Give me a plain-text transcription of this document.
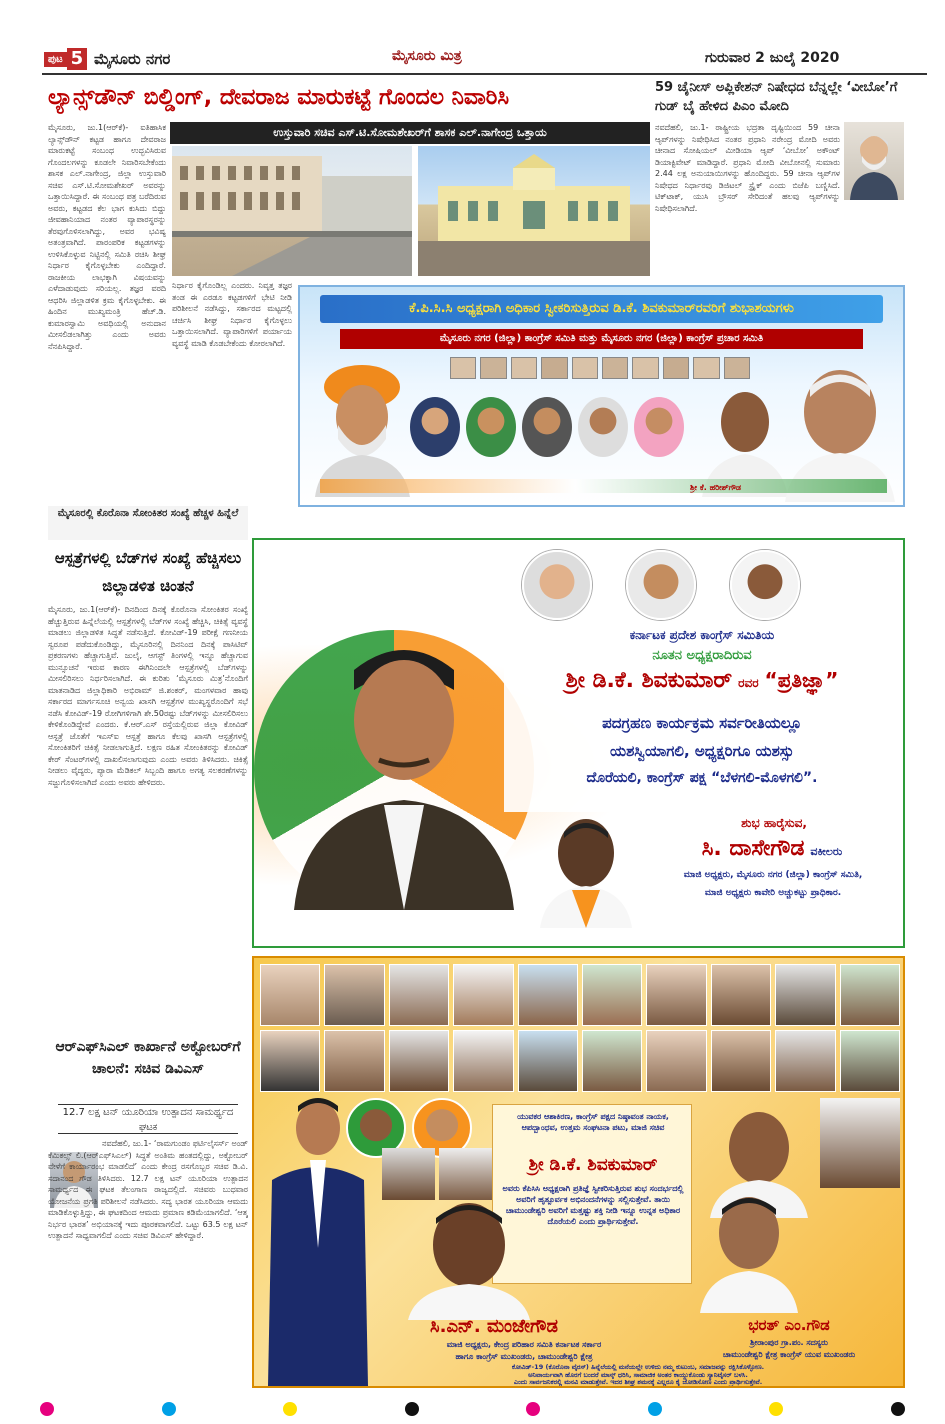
ಪುಟ 5 ಮೈಸೂರು ನಗರ	ಮೈಸೂರು ಮಿತ್ರ	ಗುರುವಾರ 2 ಜುಲೈ 2020
ಲ್ಯಾನ್ಸ್‌ಡೌನ್ ಬಿಲ್ಡಿಂಗ್, ದೇವರಾಜ ಮಾರುಕಟ್ಟೆ ಗೊಂದಲ ನಿವಾರಿಸಿ
ಉಸ್ತುವಾರಿ ಸಚಿವ ಎಸ್.ಟಿ.ಸೋಮಶೇಖರ್‌ಗೆ ಶಾಸಕ ಎಲ್.ನಾಗೇಂದ್ರ ಒತ್ತಾಯ
ಮೈಸೂರು, ಜು.1(ಆರ್‌ಕೆ)- ಐತಿಹಾಸಿಕ ಲ್ಯಾನ್ಸ್‌ಡೌನ್ ಕಟ್ಟಡ ಹಾಗೂ ದೇವರಾಜ ಮಾರುಕಟ್ಟೆ ಸಂಬಂಧ ಉದ್ಭವಿಸಿರುವ ಗೊಂದಲಗಳನ್ನು ಕೂಡಲೇ ನಿವಾರಿಸಬೇಕೆಂದು ಶಾಸಕ ಎಲ್.ನಾಗೇಂದ್ರ, ಜಿಲ್ಲಾ ಉಸ್ತುವಾರಿ ಸಚಿವ ಎಸ್.ಟಿ.ಸೋಮಶೇಖರ್ ಅವರನ್ನು ಒತ್ತಾಯಿಸಿದ್ದಾರೆ. ಈ ಸಂಬಂಧ ಪತ್ರ ಬರೆದಿರುವ ಅವರು, ಕಟ್ಟಡದ ಕೆಲ ಭಾಗ ಕುಸಿದು ಬಿದ್ದು ಜೀವಹಾನಿಯಾದ ನಂತರ ವ್ಯಾಪಾರಸ್ಥರನ್ನು ತೆರವುಗೊಳಿಸಲಾಗಿದ್ದು, ಅವರ ಭವಿಷ್ಯ ಅತಂತ್ರವಾಗಿದೆ. ಪಾರಂಪರಿಕ ಕಟ್ಟಡಗಳನ್ನು ಉಳಿಸಿಕೊಳ್ಳುವ ನಿಟ್ಟಿನಲ್ಲಿ ಸಮಿತಿ ರಚಿಸಿ ಶೀಘ್ರ ನಿರ್ಧಾರ ಕೈಗೊಳ್ಳಬೇಕು ಎಂದಿದ್ದಾರೆ. ರಾಜಕೀಯ ಲಾಭಕ್ಕಾಗಿ ವಿಷಯವನ್ನು ಎಳೆದಾಡುವುದು ಸರಿಯಲ್ಲ. ತಜ್ಞರ ವರದಿ ಆಧರಿಸಿ ಜಿಲ್ಲಾಡಳಿತ ಕ್ರಮ ಕೈಗೊಳ್ಳಬೇಕು. ಈ ಹಿಂದಿನ ಮುಖ್ಯಮಂತ್ರಿ ಹೆಚ್.ಡಿ. ಕುಮಾರಸ್ವಾಮಿ ಅವಧಿಯಲ್ಲಿ ಅನುದಾನ ಮೀಸಲಿಡಲಾಗಿತ್ತು ಎಂದು ಅವರು ನೆನಪಿಸಿದ್ದಾರೆ.
ನಿರ್ಧಾರ ಕೈಗೊಂಡಿಲ್ಲ ಎಂದರು. ನಿವೃತ್ತ ತಜ್ಞರ ತಂಡ ಈ ಎರಡೂ ಕಟ್ಟಡಗಳಿಗೆ ಭೇಟಿ ನೀಡಿ ಪರಿಶೀಲನೆ ನಡೆಸಿದ್ದು, ಸರ್ಕಾರದ ಮಟ್ಟದಲ್ಲಿ ಚರ್ಚಿಸಿ ಶೀಘ್ರ ನಿರ್ಧಾರ ಕೈಗೊಳ್ಳಲು ಒತ್ತಾಯಿಸಲಾಗಿದೆ. ವ್ಯಾಪಾರಿಗಳಿಗೆ ಪರ್ಯಾಯ ವ್ಯವಸ್ಥೆ ಮಾಡಿ ಕೊಡಬೇಕೆಂದು ಕೋರಲಾಗಿದೆ.
59 ಚೈನೀಸ್ ಅಪ್ಲಿಕೇಶನ್ ನಿಷೇಧದ ಬೆನ್ನಲ್ಲೇ ‘ವೀಬೋ’ಗೆ ಗುಡ್ ಬೈ ಹೇಳಿದ ಪಿಎಂ ಮೋದಿ
ನವದೆಹಲಿ, ಜು.1- ರಾಷ್ಟ್ರೀಯ ಭದ್ರತಾ ದೃಷ್ಟಿಯಿಂದ 59 ಚೀನಾ ಆ್ಯಪ್‌ಗಳನ್ನು ನಿಷೇಧಿಸಿದ ನಂತರ ಪ್ರಧಾನಿ ನರೇಂದ್ರ ಮೋದಿ ಅವರು ಚೀನಾದ ಸೋಷಿಯಲ್ ಮೀಡಿಯಾ ಆ್ಯಪ್ ‘ವೀಬೋ’ ಅಕೌಂಟ್ ಡಿಯಾಕ್ಟಿವೇಟ್ ಮಾಡಿದ್ದಾರೆ. ಪ್ರಧಾನಿ ಮೋದಿ ವೀಬೋನಲ್ಲಿ ಸುಮಾರು 2.44 ಲಕ್ಷ ಅನುಯಾಯಿಗಳನ್ನು ಹೊಂದಿದ್ದರು. 59 ಚೀನಾ ಆ್ಯಪ್‌ಗಳ ನಿಷೇಧದ ನಿರ್ಧಾರವು ಡಿಜಿಟಲ್ ಸ್ಟ್ರೈಕ್ ಎಂದು ಬಿಜೆಪಿ ಬಣ್ಣಿಸಿದೆ. ಟಿಕ್‌ಟಾಕ್, ಯುಸಿ ಬ್ರೌಸರ್ ಸೇರಿದಂತೆ ಹಲವು ಆ್ಯಪ್‌ಗಳನ್ನು ನಿಷೇಧಿಸಲಾಗಿದೆ.
ಕೆ.ಪಿ.ಸಿ.ಸಿ ಅಧ್ಯಕ್ಷರಾಗಿ ಅಧಿಕಾರ ಸ್ವೀಕರಿಸುತ್ತಿರುವ ಡಿ.ಕೆ. ಶಿವಕುಮಾರ್‌ರವರಿಗೆ ಶುಭಾಶಯಗಳು
ಮೈಸೂರು ನಗರ (ಜಿಲ್ಲಾ) ಕಾಂಗ್ರೆಸ್ ಸಮಿತಿ ಮತ್ತು ಮೈಸೂರು ನಗರ (ಜಿಲ್ಲಾ) ಕಾಂಗ್ರೆಸ್ ಪ್ರಚಾರ ಸಮಿತಿ
ಶ್ರೀ ಕೆ. ಹರೀಶ್‌ಗೌಡ
ಮೈಸೂರಲ್ಲಿ ಕೊರೊನಾ ಸೋಂಕಿತರ ಸಂಖ್ಯೆ ಹೆಚ್ಚಳ ಹಿನ್ನೆಲೆ
ಆಸ್ಪತ್ರೆಗಳಲ್ಲಿ ಬೆಡ್‌ಗಳ ಸಂಖ್ಯೆ ಹೆಚ್ಚಿಸಲು ಜಿಲ್ಲಾಡಳಿತ ಚಿಂತನೆ
ಮೈಸೂರು, ಜು.1(ಆರ್‌ಕೆ)- ದಿನದಿಂದ ದಿನಕ್ಕೆ ಕೊರೊನಾ ಸೋಂಕಿತರ ಸಂಖ್ಯೆ ಹೆಚ್ಚುತ್ತಿರುವ ಹಿನ್ನೆಲೆಯಲ್ಲಿ ಆಸ್ಪತ್ರೆಗಳಲ್ಲಿ ಬೆಡ್‌ಗಳ ಸಂಖ್ಯೆ ಹೆಚ್ಚಿಸಿ, ಚಿಕಿತ್ಸೆ ವ್ಯವಸ್ಥೆ ಮಾಡಲು ಜಿಲ್ಲಾಡಳಿತ ಸಿದ್ಧತೆ ನಡೆಸುತ್ತಿದೆ. ಕೋವಿಡ್-19 ಪರೀಕ್ಷೆ ಗಣನೀಯ ಸ್ವರೂಪ ಪಡೆದುಕೊಂಡಿದ್ದು, ಮೈಸೂರಿನಲ್ಲಿ ದಿನನಿಂದ ದಿನಕ್ಕೆ ಪಾಸಿಟಿವ್ ಪ್ರಕರಣಗಳು ಹೆಚ್ಚಾಗುತ್ತಿವೆ. ಜುಲೈ, ಆಗಸ್ಟ್ ತಿಂಗಳಲ್ಲಿ ಇನ್ನೂ ಹೆಚ್ಚಾಗುವ ಮುನ್ಸೂಚನೆ ಇರುವ ಕಾರಣ ಈಗಿನಿಂದಲೇ ಆಸ್ಪತ್ರೆಗಳಲ್ಲಿ ಬೆಡ್‌ಗಳನ್ನು ಮೀಸಲಿರಿಸಲು ನಿರ್ಧರಿಸಲಾಗಿದೆ. ಈ ಕುರಿತು ‘ಮೈಸೂರು ಮಿತ್ರ’ನೊಂದಿಗೆ ಮಾತನಾಡಿದ ಜಿಲ್ಲಾಧಿಕಾರಿ ಅಭಿರಾಮ್ ಜಿ.ಶಂಕರ್, ಮಂಗಳವಾರ ಹಾವು ಸರ್ಕಾರದ ಮಾರ್ಗಸೂಚಿ ಅನ್ವಯ ಖಾಸಗಿ ಆಸ್ಪತ್ರೆಗಳ ಮುಖ್ಯಸ್ಥರೊಂದಿಗೆ ಸಭೆ ನಡೆಸಿ ಕೋವಿಡ್-19 ರೋಗಿಗಳಿಗಾಗಿ ಶೇ.50ರಷ್ಟು ಬೆಡ್‌ಗಳನ್ನು ಮೀಸಲಿರಿಸಲು ಕೇಳಿಕೊಂಡಿದ್ದೇವೆ ಎಂದರು. ಕೆ.ಆರ್.ಎಸ್ ರಸ್ತೆಯಲ್ಲಿರುವ ಜಿಲ್ಲಾ ಕೋವಿಡ್ ಆಸ್ಪತ್ರೆ ಜೊತೆಗೆ ಇಎಸ್‌ಐ ಆಸ್ಪತ್ರೆ ಹಾಗೂ ಕೆಲವು ಖಾಸಗಿ ಆಸ್ಪತ್ರೆಗಳಲ್ಲಿ ಸೋಂಕಿತರಿಗೆ ಚಿಕಿತ್ಸೆ ನೀಡಲಾಗುತ್ತಿದೆ. ಲಕ್ಷಣ ರಹಿತ ಸೋಂಕಿತರನ್ನು ಕೋವಿಡ್ ಕೇರ್ ಸೆಂಟರ್‌ಗಳಲ್ಲಿ ದಾಖಲಿಸಲಾಗುವುದು ಎಂದು ಅವರು ತಿಳಿಸಿದರು. ಚಿಕಿತ್ಸೆ ನೀಡಲು ವೈದ್ಯರು, ಪ್ಯಾರಾ ಮೆಡಿಕಲ್ ಸಿಬ್ಬಂದಿ ಹಾಗೂ ಅಗತ್ಯ ಸಲಕರಣೆಗಳನ್ನು ಸಜ್ಜುಗೊಳಿಸಲಾಗಿದೆ ಎಂದು ಅವರು ಹೇಳಿದರು.
ಆರ್‌ಎಫ್‌ಸಿಎಲ್ ಕಾರ್ಖಾನೆ ಅಕ್ಟೋಬರ್‌ಗೆ ಚಾಲನೆ: ಸಚಿವ ಡಿವಿಎಸ್
12.7 ಲಕ್ಷ ಟನ್ ಯೂರಿಯಾ ಉತ್ಪಾದನ ಸಾಮರ್ಥ್ಯದ ಘಟಕ
ನವದೆಹಲಿ, ಜು.1- ‘ರಾಮಗುಂಡಂ ಫರ್ಟಿಲೈಸರ್ಸ್ ಅಂಡ್ ಕೆಮಿಕಲ್ಸ್ ಲಿ.(ಆರ್‌ಎಫ್‌ಸಿಎಲ್) ಸಿದ್ಧತೆ ಅಂತಿಮ ಹಂತದಲ್ಲಿದ್ದು, ಅಕ್ಟೋಬರ್ ವೇಳೆಗೆ ಕಾರ್ಯಾರಂಭ ಮಾಡಲಿದೆ’ ಎಂದು ಕೇಂದ್ರ ರಸಗೊಬ್ಬರ ಸಚಿವ ಡಿ.ವಿ. ಸದಾನಂದ ಗೌಡ ತಿಳಿಸಿದರು. 12.7 ಲಕ್ಷ ಟನ್ ಯೂರಿಯಾ ಉತ್ಪಾದನ ಸಾಮರ್ಥ್ಯದ ಈ ಘಟಕ ತೆಲಂಗಾಣ ರಾಜ್ಯದಲ್ಲಿದೆ. ಸಚಿವರು ಬುಧವಾರ ಯೋಜನೆಯ ಪ್ರಗತಿ ಪರಿಶೀಲನೆ ನಡೆಸಿದರು. ಸದ್ಯ ಭಾರತ ಯೂರಿಯಾ ಆಮದು ಮಾಡಿಕೊಳ್ಳುತ್ತಿದ್ದು, ಈ ಘಟಕದಿಂದ ಆಮದು ಪ್ರಮಾಣ ಕಡಿಮೆಯಾಗಲಿದೆ. ‘ಆತ್ಮ ನಿರ್ಭರ ಭಾರತ’ ಅಭಿಯಾನಕ್ಕೆ ಇದು ಪೂರಕವಾಗಲಿದೆ. ಒಟ್ಟು 63.5 ಲಕ್ಷ ಟನ್ ಉತ್ಪಾದನೆ ಸಾಧ್ಯವಾಗಲಿದೆ ಎಂದು ಸಚಿವ ಡಿವಿಎಸ್ ಹೇಳಿದ್ದಾರೆ.
ಕರ್ನಾಟಕ ಪ್ರದೇಶ ಕಾಂಗ್ರೆಸ್ ಸಮಿತಿಯ
ನೂತನ ಅಧ್ಯಕ್ಷರಾದಿರುವ
ಶ್ರೀ ಡಿ.ಕೆ. ಶಿವಕುಮಾರ್ ರವರ “ಪ್ರತಿಜ್ಞಾ”
ಪದಗ್ರಹಣ ಕಾರ್ಯಕ್ರಮ ಸರ್ವರೀತಿಯಲ್ಲೂ
ಯಶಸ್ವಿಯಾಗಲಿ, ಅಧ್ಯಕ್ಷರಿಗೂ ಯಶಸ್ಸು
ದೊರೆಯಲಿ, ಕಾಂಗ್ರೆಸ್ ಪಕ್ಷ “ಬೆಳಗಲಿ-ಮೊಳಗಲಿ”.
ಶುಭ ಹಾರೈಸುವ,
ಸಿ. ದಾಸೇಗೌಡ ವಕೀಲರು
ಮಾಜಿ ಅಧ್ಯಕ್ಷರು, ಮೈಸೂರು ನಗರ (ಜಿಲ್ಲಾ) ಕಾಂಗ್ರೆಸ್ ಸಮಿತಿ,
ಮಾಜಿ ಅಧ್ಯಕ್ಷರು ಕಾವೇರಿ ಅಚ್ಚುಕಟ್ಟು ಪ್ರಾಧಿಕಾರ.
ಯುವಕರ ಆಶಾಕಿರಣ, ಕಾಂಗ್ರೆಸ್ ಪಕ್ಷದ ನಿಷ್ಠಾವಂತ ನಾಯಕ, ಆಪದ್ಬಾಂಧವ, ಉತ್ತಮ ಸಂಘಟನಾ ಪಟು, ಮಾಜಿ ಸಚಿವ
ಶ್ರೀ ಡಿ.ಕೆ. ಶಿವಕುಮಾರ್
ಅವರು ಕೆಪಿಸಿಸಿ ಅಧ್ಯಕ್ಷರಾಗಿ ಪ್ರತಿಜ್ಞೆ ಸ್ವೀಕರಿಸುತ್ತಿರುವ ಶುಭ ಸಂದರ್ಭದಲ್ಲಿ ಅವರಿಗೆ ಹೃತ್ಪೂರ್ವಕ ಅಭಿನಂದನೆಗಳನ್ನು ಸಲ್ಲಿಸುತ್ತೇವೆ. ತಾಯಿ ಚಾಮುಂಡೇಶ್ವರಿ ಅವರಿಗೆ ಮತ್ತಷ್ಟು ಶಕ್ತಿ ನೀಡಿ ಇನ್ನೂ ಉನ್ನತ ಅಧಿಕಾರ ದೊರೆಯಲಿ ಎಂದು ಪ್ರಾರ್ಥಿಸುತ್ತೇವೆ.
ಸಿ.ಎನ್. ಮಂಜೇಗೌಡ
ಮಾಜಿ ಅಧ್ಯಕ್ಷರು, ಕೇಂದ್ರ ಪರಿಹಾರ ಸಮಿತಿ ಕರ್ನಾಟಕ ಸರ್ಕಾರ
ಹಾಗೂ ಕಾಂಗ್ರೆಸ್ ಮುಖಂಡರು, ಚಾಮುಂಡೇಶ್ವರಿ ಕ್ಷೇತ್ರ
ಭರತ್ ಎಂ.ಗೌಡ
ಶ್ರೀರಾಂಪುರ ಗ್ರಾ.ಪಂ. ಸದಸ್ಯರು
ಚಾಮುಂಡೇಶ್ವರಿ ಕ್ಷೇತ್ರ ಕಾಂಗ್ರೆಸ್ ಯುವ ಮುಖಂಡರು
ಕೋವಿಡ್-19 (ಕೊರೊನಾ ವೈರಸ್) ಹಿನ್ನೆಲೆಯಲ್ಲಿ ಮನೆಯಲ್ಲೇ ಉಳಿದು ನಮ್ಮ ಕುಟುಂಬ, ಸಮಾಜವನ್ನು ರಕ್ಷಿಸಿಕೊಳ್ಳೋಣ.
ಅನಿವಾರ್ಯವಾಗಿ ಹೊರಗೆ ಬಂದರೆ ಮಾಸ್ಕ್ ಧರಿಸಿ, ಸಾಮಾಜಿಕ ಅಂತರ ಕಾಯ್ದುಕೊಂಡು ಸ್ಯಾನಿಟೈಸರ್ ಬಳಸಿ.
ಎಂದು ಸಾರ್ವಜನಿಕರಲ್ಲಿ ಮನವಿ ಮಾಡುತ್ತೇವೆ. ಇದರ ಶೀಘ್ರ ಶಮನಕ್ಕೆ ಎಲ್ಲರೂ ಕೈ ಜೋಡಿಸೋಣ ಎಂದು ಪ್ರಾರ್ಥಿಸುತ್ತೇವೆ.
